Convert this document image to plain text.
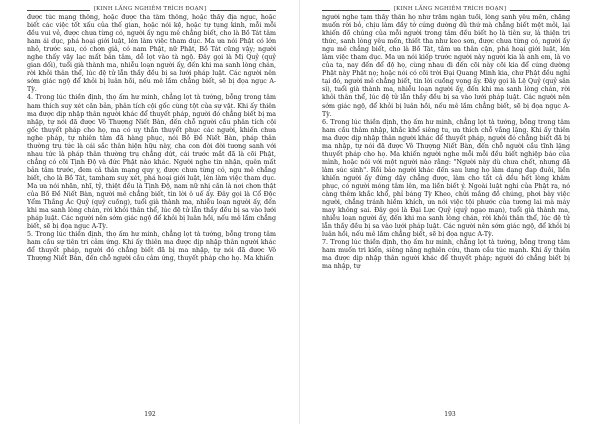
[KINH LĂNG NGHIÊM TRÍCH ĐOẠN]

được túc mạng thông, hoặc được tha tâm thông, hoặc thấy địa ngục, hoặc biết các việc tốt xấu của thế gian, hoặc nói kệ, hoặc tự tụng kinh, mỗi mỗi đều vui vẻ, được chưa từng có, người ấy ngu mê chẳng biết, cho là Bồ Tát tâm ham ái dục, phá hoại giới luật, lén làm việc tham dục. Ma ưa nói Phật có lớn nhỏ, trước sau, có chơn giả, có nam Phật, nữ Phật, Bồ Tát cũng vậy; người nghe thấy vậy lạc mất bản tâm, dễ lọt vào tà ngộ. Đây gọi là Mị Quỷ (quỷ gian dối), tuổi già thành ma, nhiễu loạn người ấy, đến khi ma sanh lòng chán, rời khỏi thân thể, lúc đệ tử lẫn thầy đều bị sa lưới pháp luật. Các người nên sớm giác ngộ để khỏi bị luân hồi, nếu mê lầm chẳng biết, sẽ bị đọa ngục A-Tỳ.

4. Trong lúc thiền định, thọ ấm hư minh, chẳng lọt tà tướng, bỗng trong tâm ham thích suy xét căn bản, phân tích cội gốc cùng tột của sự vật. Khi ấy thiên ma được dịp nhập thân người khác để thuyết pháp, người đó chẳng biết bị ma nhập, tự nói đã được Vô Thượng Niết Bàn, đến chỗ người cầu phân tích cội gốc thuyết pháp cho họ, ma có uy thần thuyết phục các người, khiến chưa nghe pháp, tự nhiên tâm đã hàng phục, nói Bồ Đề Niết Bàn, pháp thân thường trụ tức là cái sắc thân hiện hữu này, cha con đời đời tương sanh với nhau tức là pháp thân thường trụ chẳng dứt, cái trước mắt đã là cõi Phật, chẳng có cõi Tịnh Độ và đức Phật nào khác. Người nghe tin nhận, quên mất bản tâm trước, đem cả thân mạng quy y, được chưa từng có, ngu mê chẳng biết, cho là Bồ Tát, tamham suy xét, phá hoại giới luật, lén làm việc tham dục. Ma ưa nói nhãn, nhĩ, tỷ, thiệt đều là Tịnh Độ, nam nữ nhị căn là nơi chơn thật của Bồ Đề Niết Bàn, người mê chẳng biết, tin lời ô uế ấy. Đây gọi là Cổ Độc Yểm Thắng Ác Quỷ (quỷ cuồng), tuổi già thành ma, nhiễu loạn người ấy, đến khi ma sanh lòng chán, rời khỏi thân thể, lúc đệ tử lẫn thầy đều bị sa vào lưới pháp luật. Các người nên sớm giác ngộ để khỏi bị luân hồi, nếu mê lầm chẳng biết, sẽ bị đọa ngục A-Tỳ.

5. Trong lúc thiền định, thọ ấm hư minh, chẳng lọt tà tướng, bỗng trong tâm ham cầu sự tiên tri cảm ứng. Khi ấy thiên ma được dịp nhập thân người khác để thuyết pháp, người đó chẳng biết đã bị ma nhập, tự nói đã được Vô Thượng Niết Bàn, đến chỗ người cầu cảm ứng, thuyết pháp cho họ. Ma khiến

192
[KINH LĂNG NGHIÊM TRÍCH ĐOẠN]

người nghe tạm thấy thân họ như trăm ngàn tuổi, lòng sanh yêu mến, chẳng muốn rời bỏ, chịu làm đầy tớ cúng dường đủ thứ mà chẳng biết mệt mỏi, lại khiến đồ chúng của mỗi người trong tâm đều biết họ là tiên sư, là thiện tri thức, sanh lòng yêu mến, thiết tha như keo sơn, được chưa từng có, người ấy ngu mê chẳng biết, cho là Bồ Tát, tâm ưa thân cận, phá hoại giới luật, lén làm việc tham dục. Ma ưa nói kiếp trước người này người kia là anh em, là vợ của ta, nay đến để độ họ, cùng nhau đi đến cõi này cõi kia để cúng dường Phật này Phật nọ; hoặc nói có cõi trời Đại Quang Minh kia, chư Phật đều nghỉ tại đó, người mê chẳng biết, tin lời cuồng vọng ấy. Đây gọi là Lệ Quỷ (quỷ sân si), tuổi già thành ma, nhiễu loạn người ấy, đến khi ma sanh lòng chán, rời khỏi thân thể, lúc đệ tử lẫn thầy đều bị sa vào lưới pháp luật. Các người nên sớm giác ngộ, để khỏi bị luân hồi, nếu mê lầm chẳng biết, sẽ bị đọa ngục A-Tỳ.

6. Trong lúc thiền định, thọ ấm hư minh, chẳng lọt tà tướng, bỗng trong tâm ham cầu thâm nhập, khắc khổ siêng tu, ưa thích chỗ vắng lặng. Khi ấy thiên ma được dịp nhập thân người khác để thuyết pháp, người đó chẳng biết đã bị ma nhập, tự nói đã được Vô Thượng Niết Bàn, đến chỗ người cầu tĩnh lặng thuyết pháp cho họ. Ma khiến người nghe mỗi mỗi đều biết nghiệp báo của mình, hoặc nói với một người nào rằng: "Người này dù chưa chết, nhưng đã làm súc sinh". Rồi bảo người khác đến sau lưng họ làm dạng đạp đuôi, liền khiến người ấy đứng dậy chẳng được, làm cho tất cả đều hết lòng khâm phục, có người móng tâm lên, ma liền biết ý. Ngoài luật nghi của Phật ra, nó càng thêm khắc khổ, phỉ báng Tỳ Kheo, chửi mắng đồ chúng, phơi bày việc người, chẳng tránh hiềm khích, ưa nói việc tội phước của tương lai mà máy may không sai. Đây gọi là Đại Lực Quỷ (quỷ ngạo mạn), tuổi già thành ma, nhiễu loạn người ấy, đến khi ma sanh lòng chán, rời khỏi thân thể, lúc đệ tử lẫn thầy đều bị sa vào lưới pháp luật. Các người nên sớm giác ngộ, để khỏi bị luân hồi, nếu mê lầm chẳng biết, sẽ bị đọa ngục A-Tỳ.

7. Trong lúc thiền định, thọ ấm hư minh, chẳng lọt tà tướng, bỗng trong tâm ham muốn tri kiến, siêng năng nghiên cứu, tham cầu túc mạnh. Khi ấy thiên ma được dịp nhập thân người khác để thuyết pháp; người đó chẳng biết bị ma nhập, tự

193
